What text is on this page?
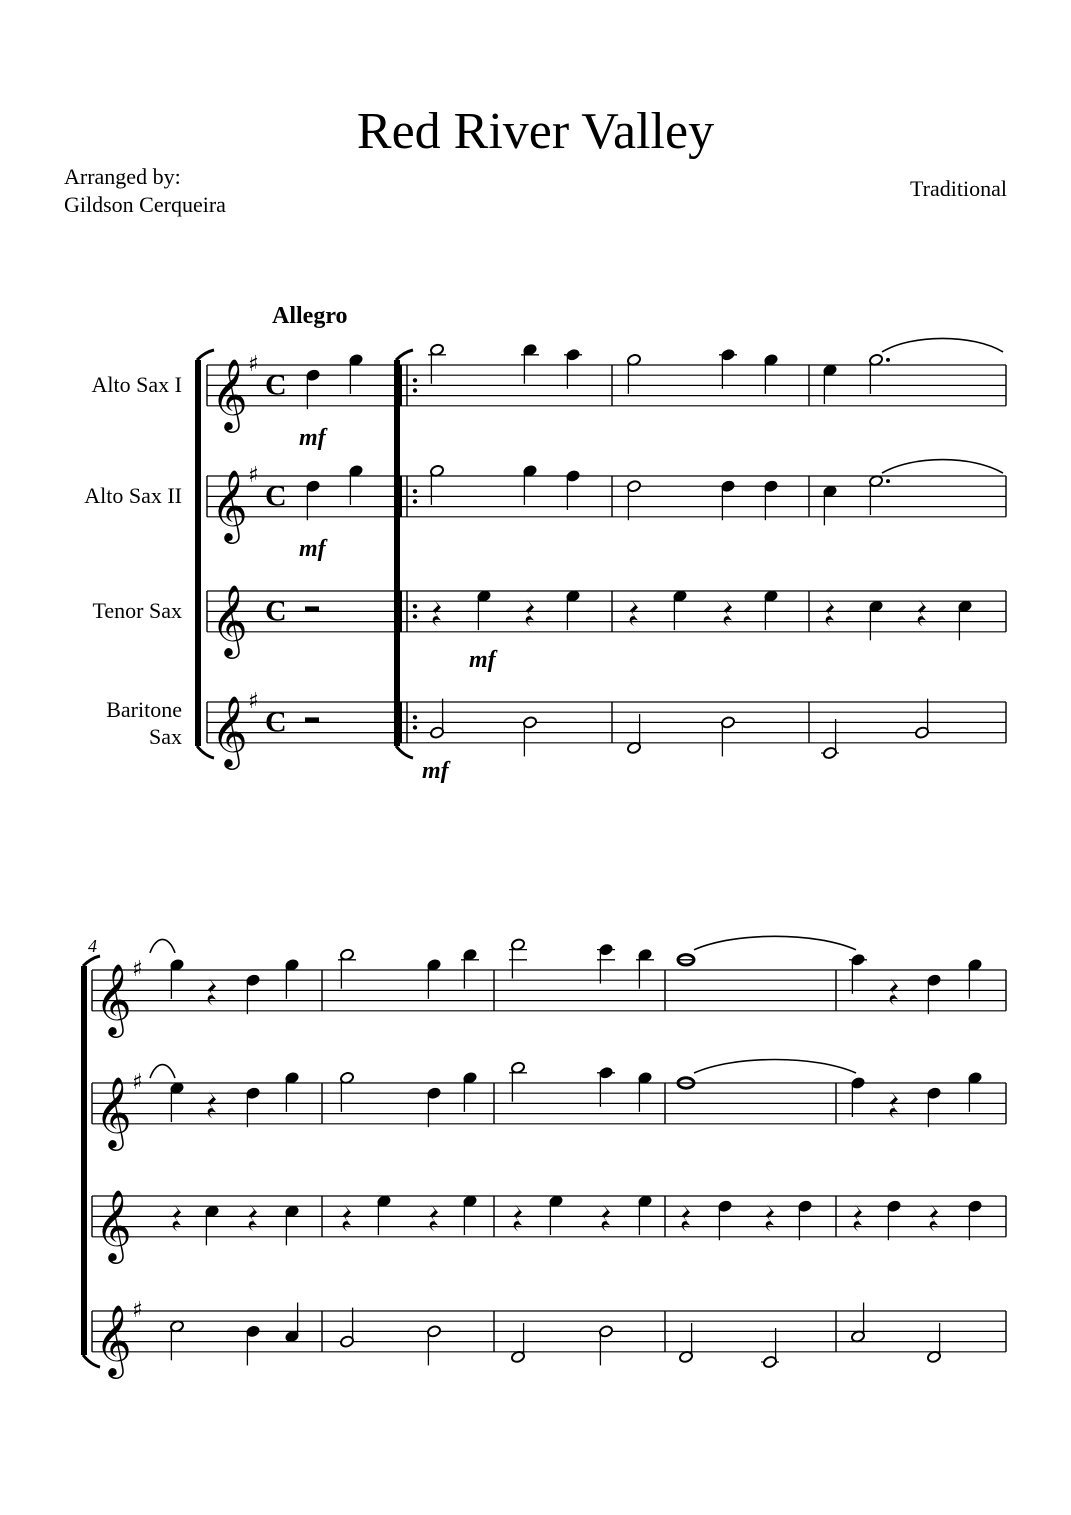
Red River Valley
Arranged by:
Gildson Cerqueira
Traditional
𝄞 ♯
C
Alto Sax I
𝄞 ♯
C
Alto Sax II
𝄞 C
Tenor Sax
𝄞 ♯
C
Baritone
Sax
mf
mf
mf
mf
𝄞 ♯
𝄞 ♯
𝄞
𝄞 ♯
Allegro
4
